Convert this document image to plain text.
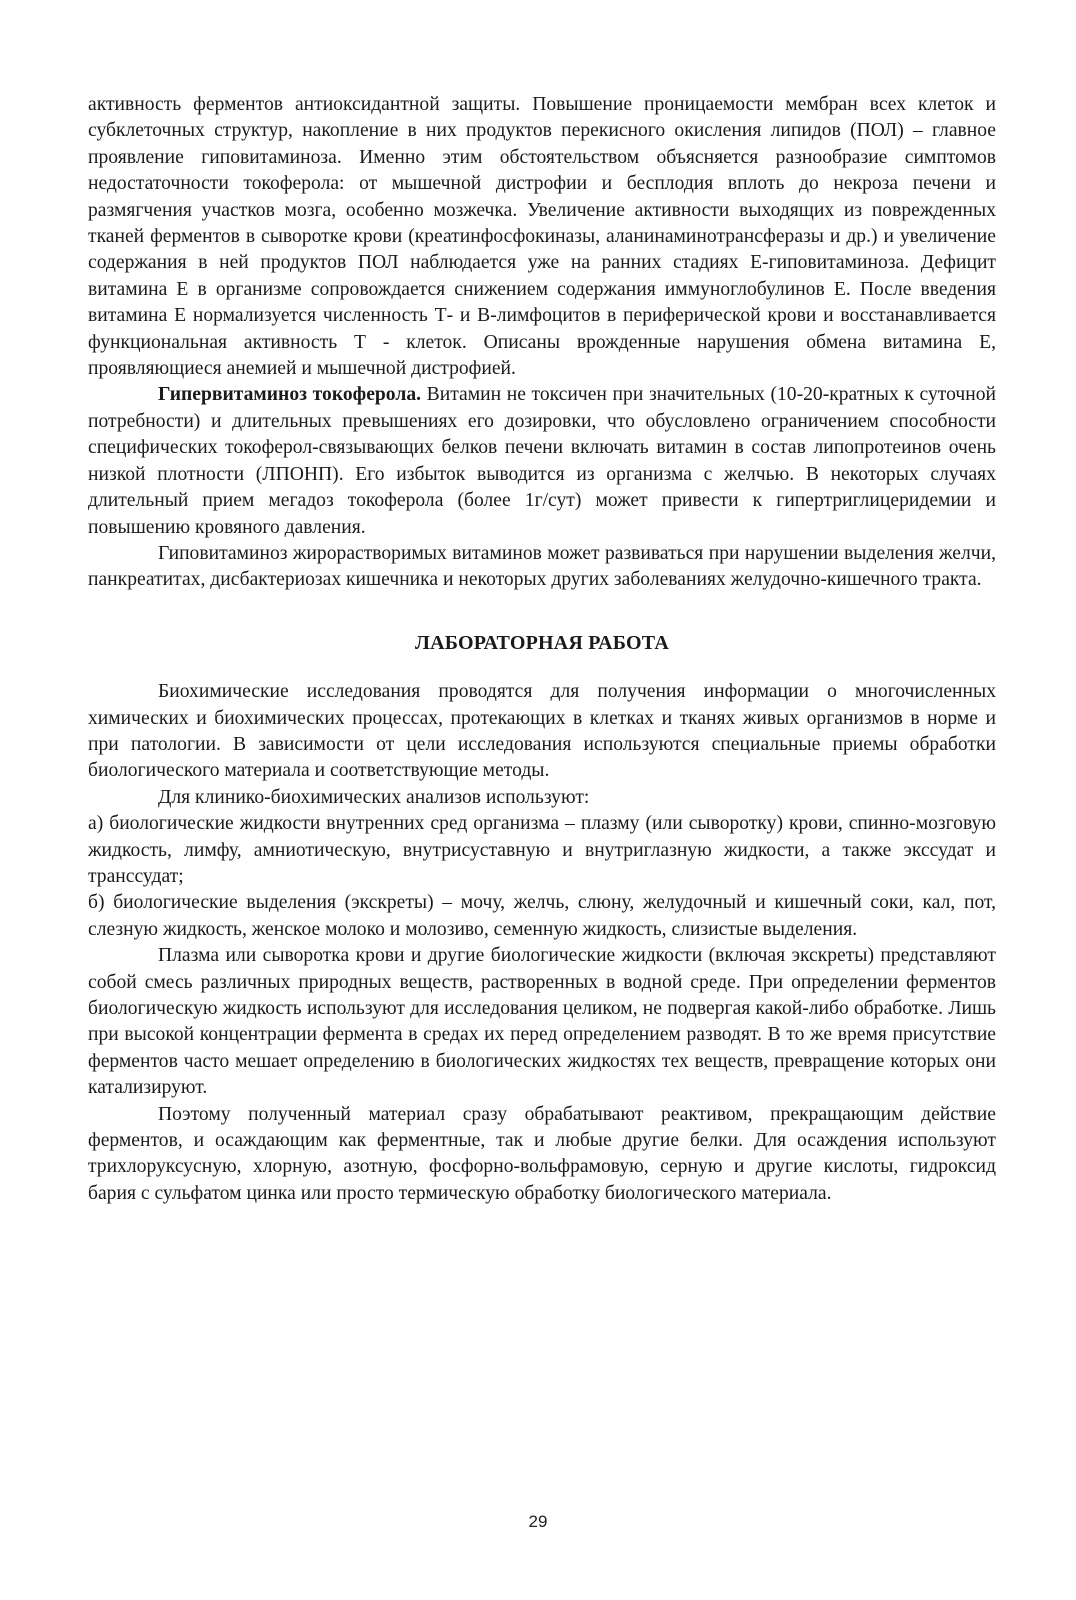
активность ферментов антиоксидантной защиты. Повышение проницаемости мембран всех клеток и субклеточных структур, накопление в них продуктов перекисного окисления липидов (ПОЛ) – главное проявление гиповитаминоза. Именно этим обстоятельством объясняется разнообразие симптомов недостаточности токоферола: от мышечной дистрофии и бесплодия вплоть до некроза печени и размягчения участков мозга, особенно мозжечка. Увеличение активности выходящих из поврежденных тканей ферментов в сыворотке крови (креатинфосфокиназы, аланинаминотрансферазы и др.) и увеличение содержания в ней продуктов ПОЛ наблюдается уже на ранних стадиях Е-гиповитаминоза. Дефицит витамина Е в организме сопровождается снижением содержания иммуноглобулинов Е. После введения витамина Е нормализуется численность Т- и В-лимфоцитов в периферической крови и восстанавливается функциональная активность Т - клеток. Описаны врожденные нарушения обмена витамина Е, проявляющиеся анемией и мышечной дистрофией.

Гипервитаминоз токоферола. Витамин не токсичен при значительных (10-20-кратных к суточной потребности) и длительных превышениях его дозировки, что обусловлено ограничением способности специфических токоферол-связывающих белков печени включать витамин в состав липопротеинов очень низкой плотности (ЛПОНП). Его избыток выводится из организма с желчью. В некоторых случаях длительный прием мегадоз токоферола (более 1г/сут) может привести к гипертриглицеридемии и повышению кровяного давления.

Гиповитаминоз жирорастворимых витаминов может развиваться при нарушении выделения желчи, панкреатитах, дисбактериозах кишечника и некоторых других заболеваниях желудочно-кишечного тракта.

ЛАБОРАТОРНАЯ РАБОТА

Биохимические исследования проводятся для получения информации о многочисленных химических и биохимических процессах, протекающих в клетках и тканях живых организмов в норме и при патологии. В зависимости от цели исследования используются специальные приемы обработки биологического материала и соответствующие методы.

Для клинико-биохимических анализов используют:

а) биологические жидкости внутренних сред организма – плазму (или сыворотку) крови, спинно-мозговую жидкость, лимфу, амниотическую, внутрисуставную и внутриглазную жидкости, а также экссудат и транссудат;

б) биологические выделения (экскреты) – мочу, желчь, слюну, желудочный и кишечный соки, кал, пот, слезную жидкость, женское молоко и молозиво, семенную жидкость, слизистые выделения.

Плазма или сыворотка крови и другие биологические жидкости (включая экскреты) представляют собой смесь различных природных веществ, растворенных в водной среде. При определении ферментов биологическую жидкость используют для исследования целиком, не подвергая какой-либо обработке. Лишь при высокой концентрации фермента в средах их перед определением разводят. В то же время присутствие ферментов часто мешает определению в биологических жидкостях тех веществ, превращение которых они катализируют.

Поэтому полученный материал сразу обрабатывают реактивом, прекращающим действие ферментов, и осаждающим как ферментные, так и любые другие белки. Для осаждения используют трихлоруксусную, хлорную, азотную, фосфорно-вольфрамовую, серную и другие кислоты, гидроксид бария с сульфатом цинка или просто термическую обработку биологического материала.

29
